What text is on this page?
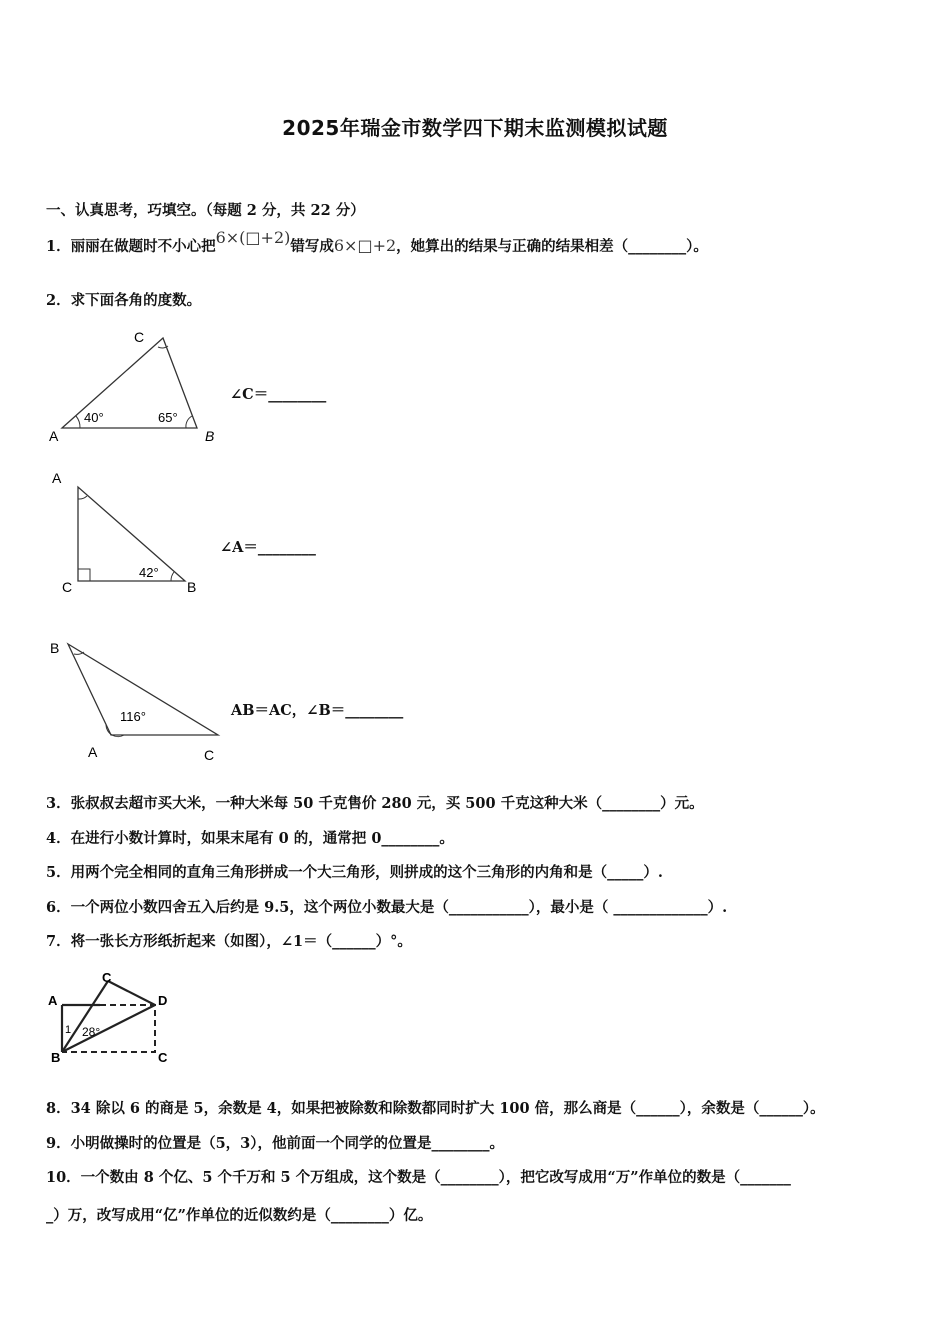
2025年瑞金市数学四下期末监测模拟试题
一、认真思考，巧填空。（每题 2 分，共 22 分）
1．丽丽在做题时不小心把6×(□+2)错写成6×□+2，她算出的结果与正确的结果相差（________）。
2．求下面各角的度数。
A	B
C
40°	65°
∠C＝________
A
C	B
42°
∠A＝________
B
A	C
116°	AB＝AC，∠B＝________
3．张叔叔去超市买大米，一种大米每 50 千克售价 280 元，买 500 千克这种大米（________）元。
4．在进行小数计算时，如果末尾有 0 的，通常把 0________。
5．用两个完全相同的直角三角形拼成一个大三角形，则拼成的这个三角形的内角和是（_____）.
6．一个两位小数四舍五入后约是 9.5，这个两位小数最大是（___________），最小是（ _____________）.
7．将一张长方形纸折起来（如图），∠1＝（______）°。
A
B
C
C
D
1 28°
8．34 除以 6 的商是 5，余数是 4，如果把被除数和除数都同时扩大 100 倍，那么商是（______），余数是（______）。
9．小明做操时的位置是（5，3），他前面一个同学的位置是________。
10．一个数由 8 个亿、5 个千万和 5 个万组成，这个数是（________），把它改写成用“万”作单位的数是（_______
_）万，改写成用“亿”作单位的近似数约是（________）亿。
